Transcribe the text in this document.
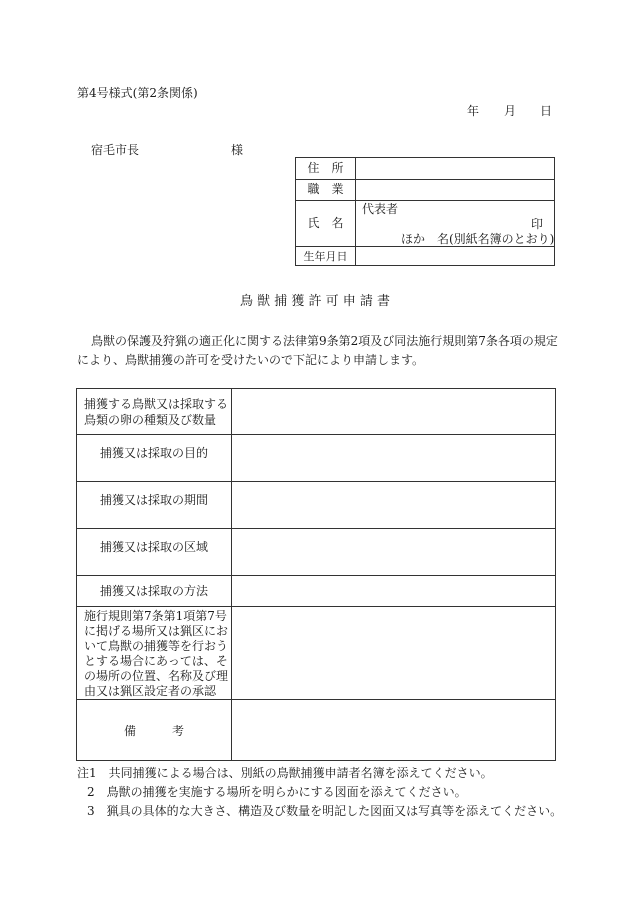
第4号様式(第2条関係)
年 月 日
宿毛市長	様
住　所
職　業
氏　名
生年月日
代表者
印
ほか　名(別紙名簿のとおり)
鳥 獣 捕 獲 許 可 申 請 書
鳥獣の保護及狩猟の適正化に関する法律第9条第2項及び同法施行規則第7条各項の規定
により、鳥獣捕獲の許可を受けたいので下記により申請します。
捕獲する鳥獣又は採取する
鳥類の卵の種類及び数量
捕獲又は採取の目的
捕獲又は採取の期間
捕獲又は採取の区域
捕獲又は採取の方法
施行規則第7条第1項第7号
に掲げる場所又は猟区にお
いて鳥獣の捕獲等を行おう
とする場合にあっては、そ
の場所の位置、名称及び理
由又は猟区設定者の承認
備　　　考
注1　共同捕獲による場合は、別紙の鳥獣捕獲申請者名簿を添えてください。
2　鳥獣の捕獲を実施する場所を明らかにする図面を添えてください。
3　猟具の具体的な大きさ、構造及び数量を明記した図面又は写真等を添えてください。
